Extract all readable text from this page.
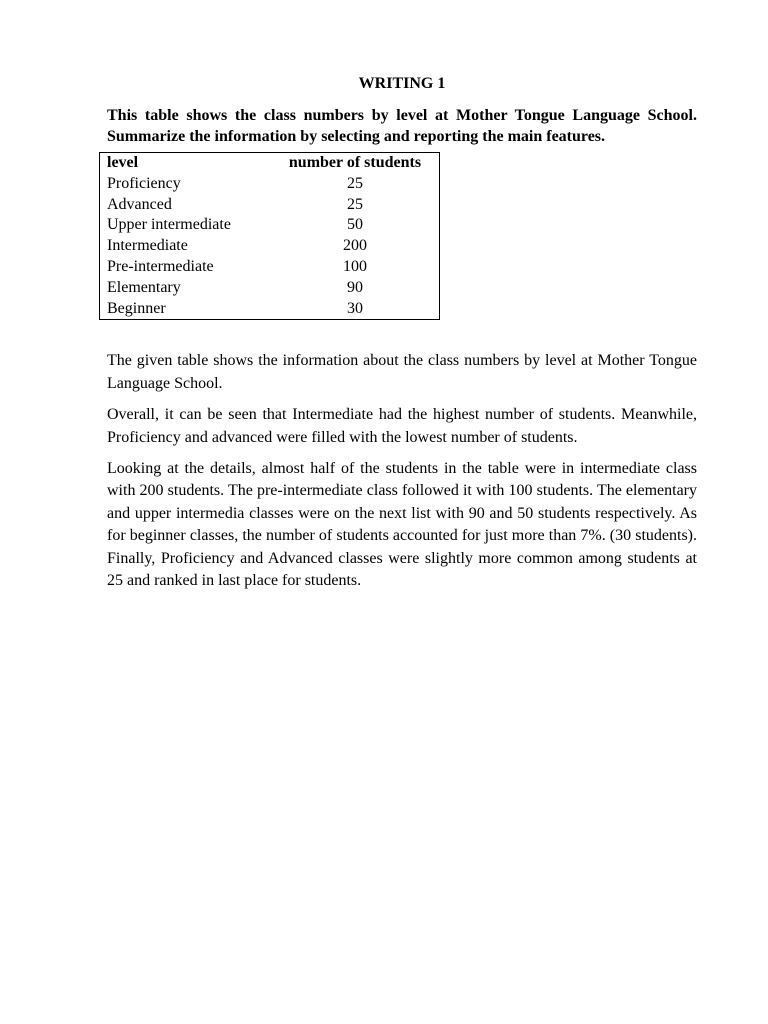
WRITING 1
This table shows the class numbers by level at Mother Tongue Language School. Summarize the information by selecting and reporting the main features.
level	number of students
Proficiency	25
Advanced	25
Upper intermediate	50
Intermediate	200
Pre-intermediate	100
Elementary	90
Beginner	30

The given table shows the information about the class numbers by level at Mother Tongue Language School.

Overall, it can be seen that Intermediate had the highest number of students. Meanwhile, Proficiency and advanced were filled with the lowest number of students.

Looking at the details, almost half of the students in the table were in intermediate class with 200 students. The pre-intermediate class followed it with 100 students. The elementary and upper intermedia classes were on the next list with 90 and 50 students respectively. As for beginner classes, the number of students accounted for just more than 7%. (30 students). Finally, Proficiency and Advanced classes were slightly more common among students at 25 and ranked in last place for students.
